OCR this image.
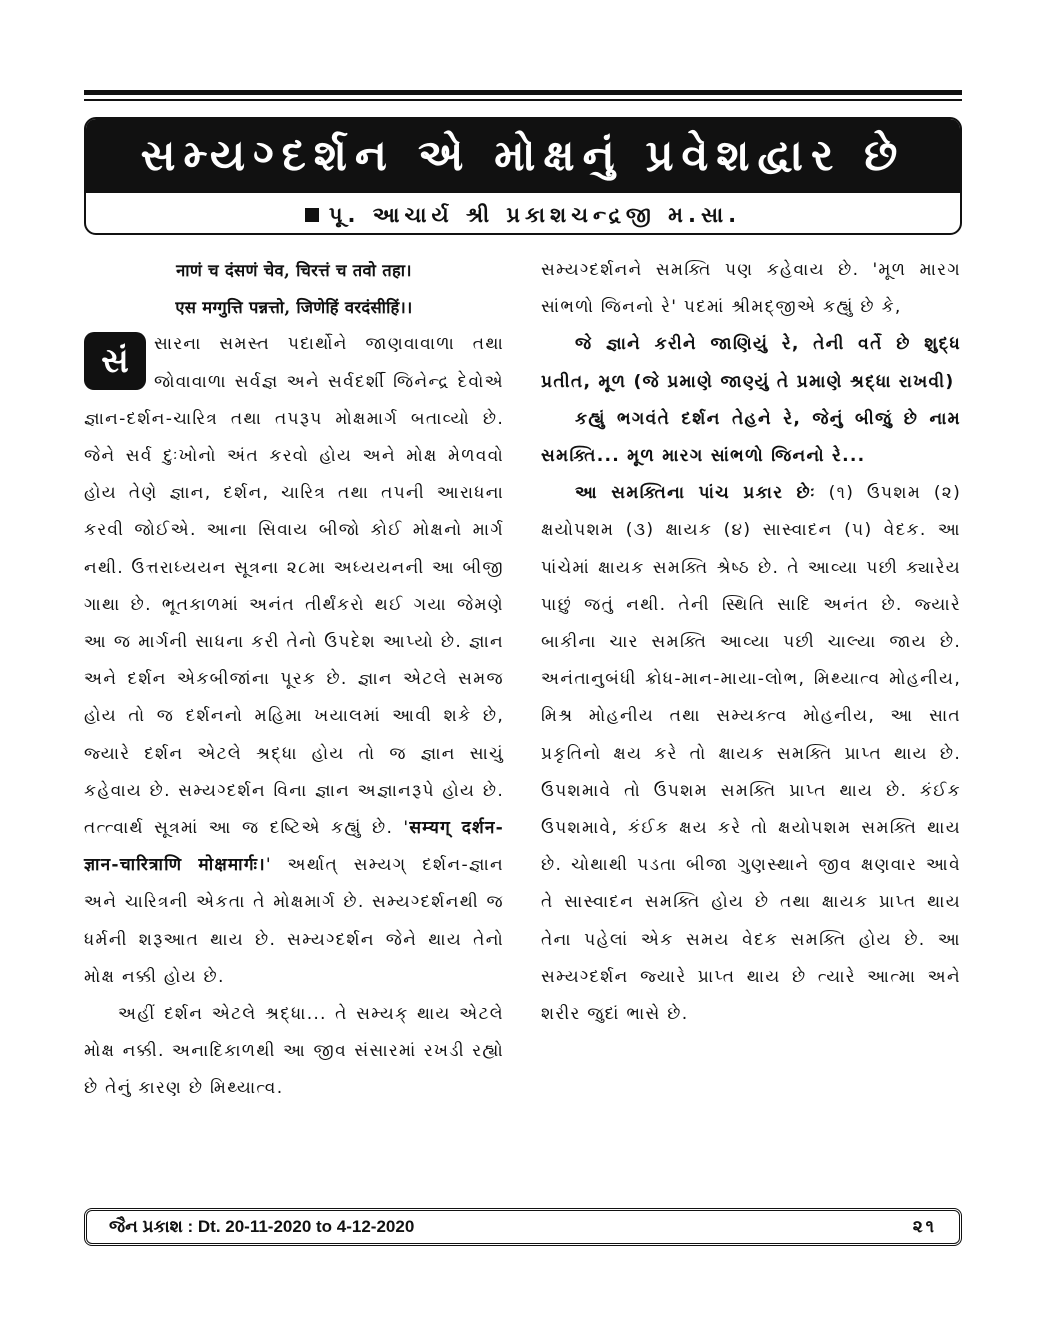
સમ્યગ્દર્શન એ મોક્ષનું પ્રવેશદ્વાર છે
પૂ. આચાર્ય શ્રી પ્રકાશચન્દ્રજી મ.સા.

नाणं च दंसणं चेव, चिरत्तं च तवो तहा।

एस मग्गुत्ति पन्नत्तो, जिणेहिं वरदंसीहिं।।

સં	સારના સમસ્ત પદાર્થોને જાણવાવાળા તથા જોવાવાળા સર્વજ્ઞ અને સર્વદર્શી જિનેન્દ્ર દેવોએ જ્ઞાન-દર્શન-ચારિત્ર તથા તપરૂપ મોક્ષમાર્ગ બતાવ્યો છે. જેને સર્વ દુઃખોનો અંત કરવો હોય અને મોક્ષ મેળવવો હોય તેણે જ્ઞાન, દર્શન, ચારિત્ર તથા તપની આરાધના કરવી જોઈએ. આના સિવાય બીજો કોઈ મોક્ષનો માર્ગ નથી. ઉત્તરાધ્યયન સૂત્રના ૨૮મા અધ્યયનની આ બીજી ગાથા છે. ભૂતકાળમાં અનંત તીર્થંકરો થઈ ગયા જેમણે આ જ માર્ગની સાધના કરી તેનો ઉપદેશ આપ્યો છે. જ્ઞાન અને દર્શન એકબીજાંના પૂરક છે. જ્ઞાન એટલે સમજ હોય તો જ દર્શનનો મહિમા ખયાલમાં આવી શકે છે, જ્યારે દર્શન એટલે શ્રદ્ધા હોય તો જ જ્ઞાન સાચું કહેવાય છે. સમ્યગ્દર્શન વિના જ્ઞાન અજ્ઞાનરૂપે હોય છે. તત્ત્વાર્થ સૂત્રમાં આ જ દષ્ટિએ કહ્યું છે. 'सम्यग् दर्शन-ज्ञान-चारित्राणि मोक्षमार्गः।' અર્થાત્ સમ્યગ્ દર્શન-જ્ઞાન અને ચારિત્રની એકતા તે મોક્ષમાર્ગ છે. સમ્યગ્દર્શનથી જ ધર્મની શરૂઆત થાય છે. સમ્યગ્દર્શન જેને થાય તેનો મોક્ષ નક્કી હોય છે.

અહીં દર્શન એટલે શ્રદ્ધા... તે સમ્યક્ થાય એટલે મોક્ષ નક્કી. અનાદિકાળથી આ જીવ સંસારમાં રખડી રહ્યો છે તેનું કારણ છે મિથ્યાત્વ.

સમ્યગ્દર્શનને સમક્તિ પણ કહેવાય છે. 'મૂળ મારગ સાંભળો જિનનો રે' પદમાં શ્રીમદ્જીએ કહ્યું છે કે,

જે જ્ઞાને કરીને જાણિયું રે, તેની વર્તે છે શુદ્ધ પ્રતીત, મૂળ (જે પ્રમાણે જાણ્યું તે પ્રમાણે શ્રદ્ધા રાખવી)

કહ્યું ભગવંતે દર્શન તેહને રે, જેનું બીજું છે નામ સમક્તિ... મૂળ મારગ સાંભળો જિનનો રે...

આ સમક્તિના પાંચ પ્રકાર છેઃ (૧) ઉપશમ (૨) ક્ષયોપશમ (૩) ક્ષાયક (૪) સાસ્વાદન (૫) વેદક. આ પાંચેમાં ક્ષાયક સમક્તિ શ્રેષ્ઠ છે. તે આવ્યા પછી ક્યારેય પાછું જતું નથી. તેની સ્થિતિ સાદિ અનંત છે. જ્યારે બાકીના ચાર સમક્તિ આવ્યા પછી ચાલ્યા જાય છે. અનંતાનુબંધી ક્રોધ-માન-માયા-લોભ, મિથ્યાત્વ મોહનીય, મિશ્ર મોહનીય તથા સમ્યક્ત્વ મોહનીય, આ સાત પ્રકૃતિનો ક્ષય કરે તો ક્ષાયક સમક્તિ પ્રાપ્ત થાય છે. ઉપશમાવે તો ઉપશમ સમક્તિ પ્રાપ્ત થાય છે. કંઈક ઉપશમાવે, કંઈક ક્ષય કરે તો ક્ષયોપશમ સમક્તિ થાય છે. ચોથાથી પડતા બીજા ગુણસ્થાને જીવ ક્ષણવાર આવે તે સાસ્વાદન સમક્તિ હોય છે તથા ક્ષાયક પ્રાપ્ત થાય તેના પહેલાં એક સમય વેદક સમક્તિ હોય છે. આ સમ્યગ્દર્શન જ્યારે પ્રાપ્ત થાય છે ત્યારે આત્મા અને શરીર જુદાં ભાસે છે.

જૈન પ્રકાશ : Dt. 20-11-2020 to 4-12-2020	૨૧
